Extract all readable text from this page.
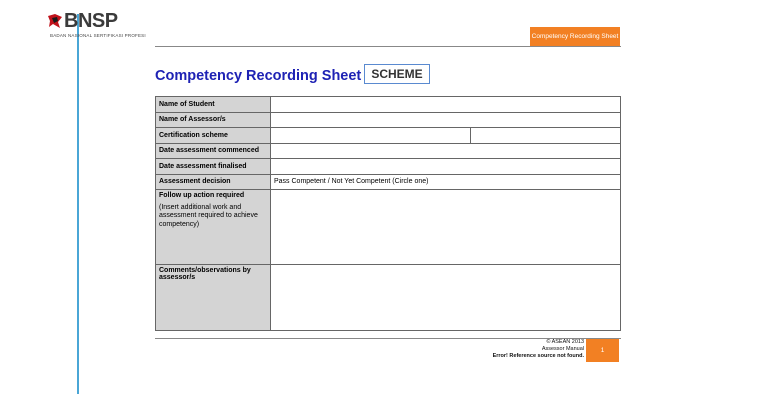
BNSP
BADAN NASIONAL SERTIFIKASI PROFESI	Competency Recording Sheet
Competency Recording Sheet SCHEME
Name of Student		
Name of Assessor/s		
Certification scheme		
Date assessment commenced		
Date assessment finalised		
Assessment decision	Pass Competent / Not Yet Competent (Circle one)	
Follow up action required
(Insert additional work and assessment required to achieve competency)		

Comments/observations by assessor/s		
© ASEAN 2013
Assessor Manual
Error! Reference source not found.
1
